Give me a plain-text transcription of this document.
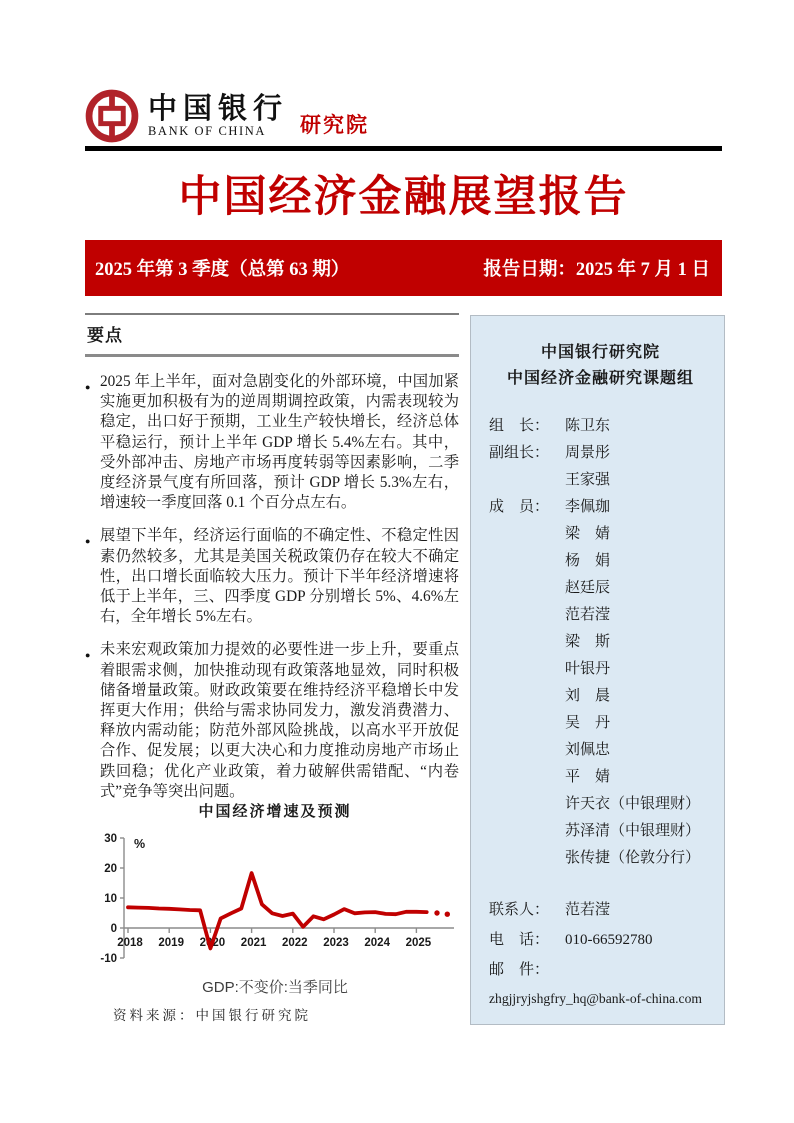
中国银行
BANK OF CHINA	研究院
中国经济金融展望报告
2025 年第 3 季度（总第 63 期）	报告日期：2025 年 7 月 1 日
要点
● 2025 年上半年，面对急剧变化的外部环境，中国加紧实施更加积极有为的逆周期调控政策，内需表现较为稳定，出口好于预期，工业生产较快增长，经济总体平稳运行，预计上半年 GDP 增长 5.4%左右。其中，受外部冲击、房地产市场再度转弱等因素影响，二季度经济景气度有所回落，预计 GDP 增长 5.3%左右，增速较一季度回落 0.1 个百分点左右。
● 展望下半年，经济运行面临的不确定性、不稳定性因素仍然较多，尤其是美国关税政策仍存在较大不确定性，出口增长面临较大压力。预计下半年经济增速将低于上半年，三、四季度 GDP 分别增长 5%、4.6%左右，全年增长 5%左右。
● 未来宏观政策加力提效的必要性进一步上升，要重点着眼需求侧，加快推动现有政策落地显效，同时积极储备增量政策。财政政策要在维持经济平稳增长中发挥更大作用；供给与需求协同发力，激发消费潜力、释放内需动能；防范外部风险挑战，以高水平开放促合作、促发展；以更大决心和力度推动房地产市场止跌回稳；优化产业政策，着力破解供需错配、“内卷式”竞争等突出问题。
中国经济增速及预测
30
20
10
0
-10
%
2018 2019 2020 2021 2022 2023 2024 2025
GDP:不变价:当季同比
资料来源：中国银行研究院
中国银行研究院
中国经济金融研究课题组
组　长：	陈卫东
副组长：	周景彤
王家强
成　员：	李佩珈
梁　婧
杨　娟
赵廷辰
范若滢
梁　斯
叶银丹
刘　晨
吴　丹
刘佩忠
平　婧
许天衣（中银理财）
苏泽清（中银理财）
张传捷（伦敦分行）
联系人：	范若滢
电　话：	010-66592780
邮　件：
zhgjjryjshgfry_hq@bank-of-china.com
